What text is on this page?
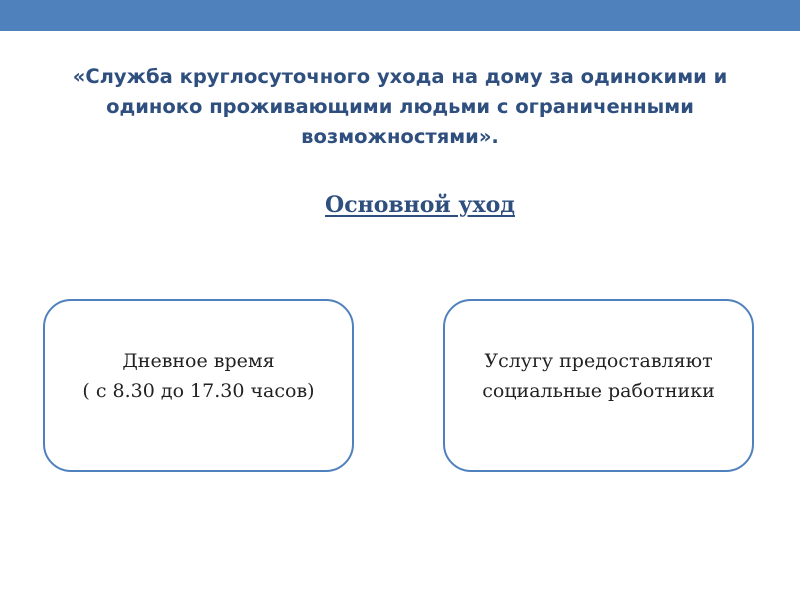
«Служба круглосуточного ухода на дому за одинокими и
одиноко проживающими людьми с ограниченными
возможностями».
Основной уход
Дневное время
( с 8.30 до 17.30 часов)
Услугу предоставляют
социальные работники
